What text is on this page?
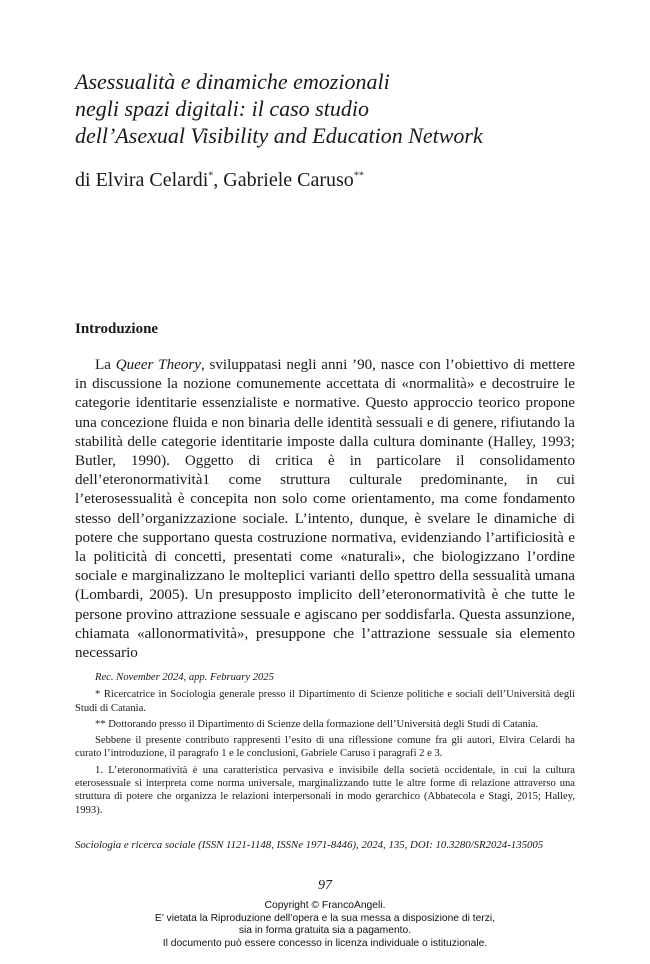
Asessualità e dinamiche emozionali
negli spazi digitali: il caso studio
dell’Asexual Visibility and Education Network
di Elvira Celardi*, Gabriele Caruso**
Introduzione

La Queer Theory, sviluppatasi negli anni ’90, nasce con l’obiettivo di mettere in discussione la nozione comunemente accettata di «normalità» e decostruire le categorie identitarie essenzialiste e normative. Questo approccio teorico propone una concezione fluida e non binaria delle identità sessuali e di genere, rifiutando la stabilità delle categorie identitarie imposte dalla cultura dominante (Halley, 1993; Butler, 1990). Oggetto di critica è in particolare il consolidamento dell’eteronormatività1 come struttura culturale predominante, in cui l’eterosessualità è concepita non solo come orientamento, ma come fondamento stesso dell’organizzazione sociale. L’intento, dunque, è svelare le dinamiche di potere che supportano questa costruzione normativa, evidenziando l’artificiosità e la politicità di concetti, presentati come «naturali», che biologizzano l’ordine sociale e marginalizzano le molteplici varianti dello spettro della sessualità umana (Lombardi, 2005). Un presupposto implicito dell’eteronormatività è che tutte le persone provino attrazione sessuale e agiscano per soddisfarla. Questa assunzione, chiamata «allonormatività», presuppone che l’attrazione sessuale sia elemento necessario

Rec. November 2024, app. February 2025

* Ricercatrice in Sociologia generale presso il Dipartimento di Scienze politiche e sociali dell’Università degli Studi di Catania.

** Dottorando presso il Dipartimento di Scienze della formazione dell’Università degli Studi di Catania.

Sebbene il presente contributo rappresenti l’esito di una riflessione comune fra gli autori, Elvira Celardi ha curato l’introduzione, il paragrafo 1 e le conclusioni, Gabriele Caruso i paragrafi 2 e 3.

1. L’eteronormatività è una caratteristica pervasiva e invisibile della società occidentale, in cui la cultura eterosessuale si interpreta come norma universale, marginalizzando tutte le altre forme di relazione attraverso una struttura di potere che organizza le relazioni interpersonali in modo gerarchico (Abbatecola e Stagi, 2015; Halley, 1993).

Sociologia e ricerca sociale (ISSN 1121-1148, ISSNe 1971-8446), 2024, 135, DOI: 10.3280/SR2024-135005
97
Copyright © FrancoAngeli.
E’ vietata la Riproduzione dell’opera e la sua messa a disposizione di terzi,
sia in forma gratuita sia a pagamento.
Il documento può essere concesso in licenza individuale o istituzionale.
